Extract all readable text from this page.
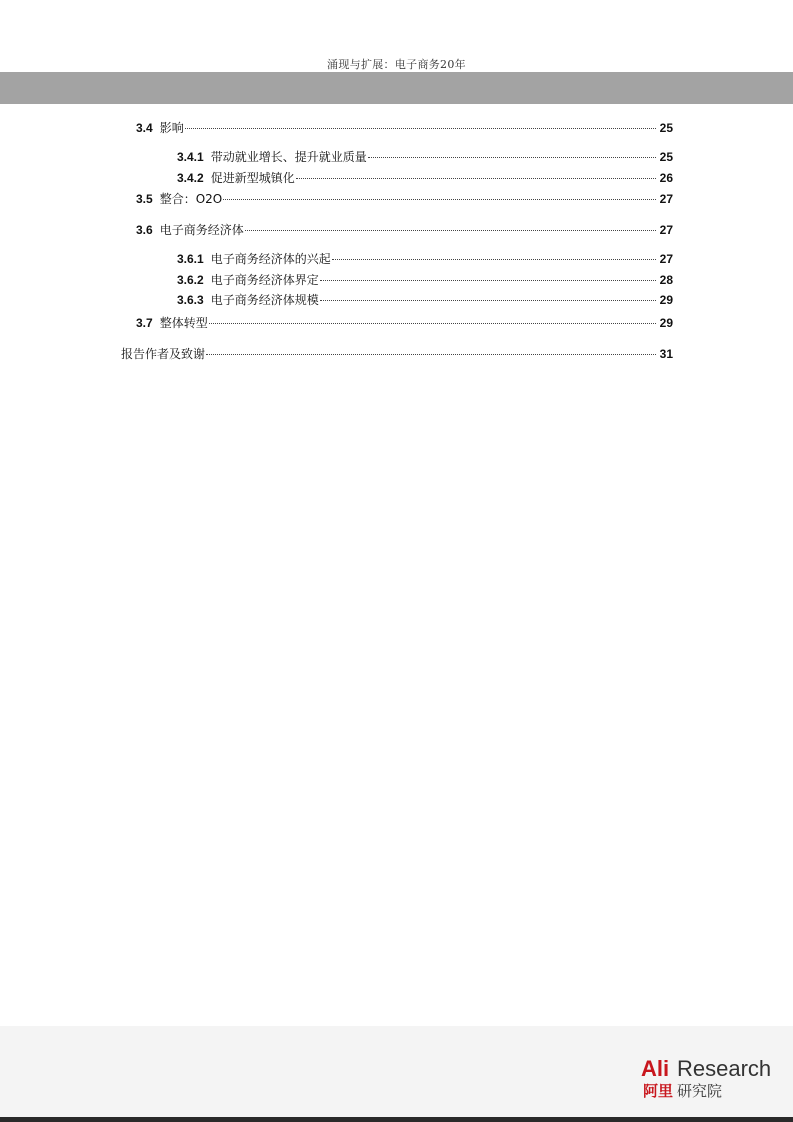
涌现与扩展：电子商务20年
3.4 影响	25
3.4.1 带动就业增长、提升就业质量	25
3.4.2 促进新型城镇化	26
3.5 整合：O2O	27
3.6 电子商务经济体	27
3.6.1 电子商务经济体的兴起	27
3.6.2 电子商务经济体界定	28
3.6.3 电子商务经济体规模	29
3.7 整体转型	29
报告作者及致谢	31
Ali Research
阿里 研究院
